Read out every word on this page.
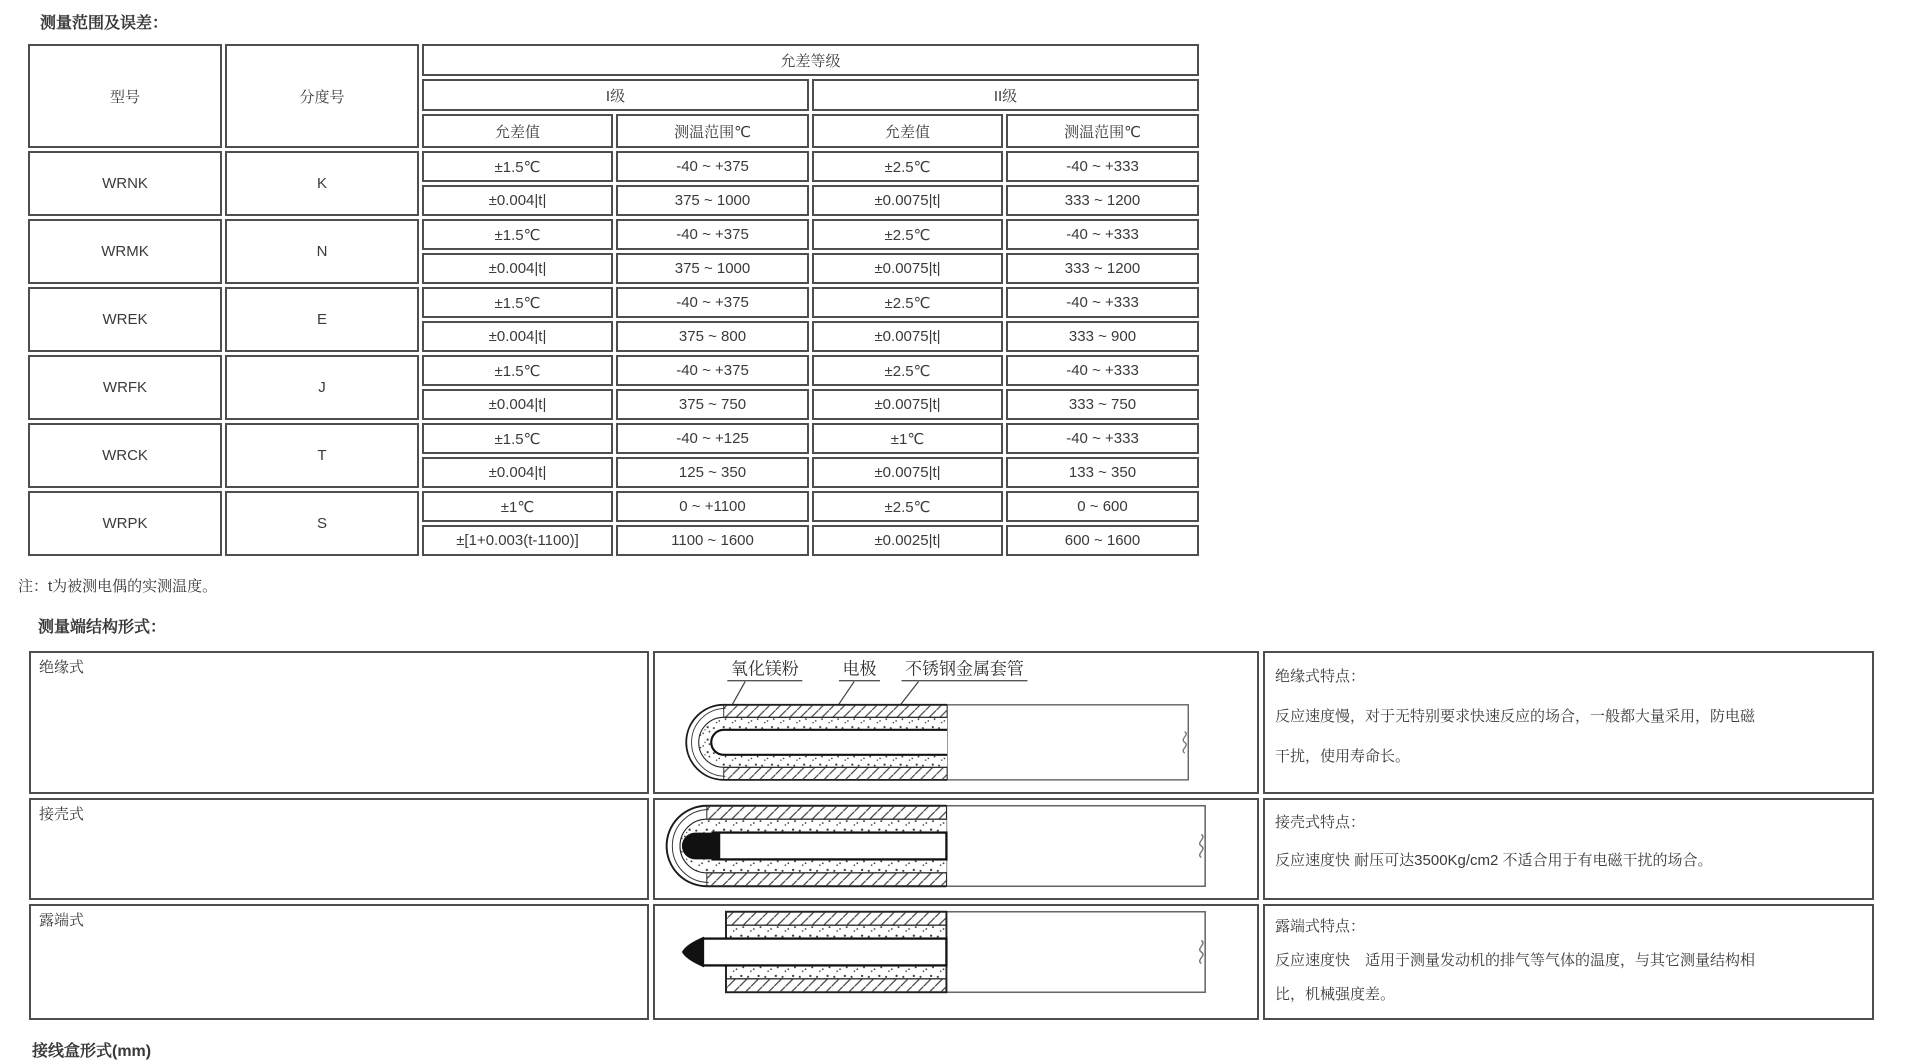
测量范围及误差：
型号	分度号	允差等级			
		I级		II级	
		允差值	测温范围℃	允差值	测温范围℃
WRNK	K	±1.5℃	-40 ~ +375	±2.5℃	-40 ~ +333
		±0.004|t|	375 ~ 1000	±0.0075|t|	333 ~ 1200
WRMK	N	±1.5℃	-40 ~ +375	±2.5℃	-40 ~ +333
		±0.004|t|	375 ~ 1000	±0.0075|t|	333 ~ 1200
WREK	E	±1.5℃	-40 ~ +375	±2.5℃	-40 ~ +333
		±0.004|t|	375 ~ 800	±0.0075|t|	333 ~ 900
WRFK	J	±1.5℃	-40 ~ +375	±2.5℃	-40 ~ +333
		±0.004|t|	375 ~ 750	±0.0075|t|	333 ~ 750
WRCK	T	±1.5℃	-40 ~ +125	±1℃	-40 ~ +333
		±0.004|t|	125 ~ 350	±0.0075|t|	133 ~ 350
WRPK	S	±1℃	0 ~ +1100	±2.5℃	0 ~ 600
		±[1+0.003(t-1100)]	1100 ~ 1600	±0.0025|t|	600 ~ 1600
注：t为被测电偶的实测温度。
测量端结构形式：
绝缘式	氧化镁粉 电极 不锈钢金属套管	绝缘式特点：
反应速度慢，对于无特别要求快速反应的场合，一般都大量采用，防电磁
干扰，使用寿命长。

接壳式		接壳式特点：
反应速度快 耐压可达3500Kg/cm2 不适合用于有电磁干扰的场合。

露端式		露端式特点：
反应速度快　适用于测量发动机的排气等气体的温度，与其它测量结构相
比，机械强度差。
接线盒形式(mm)
